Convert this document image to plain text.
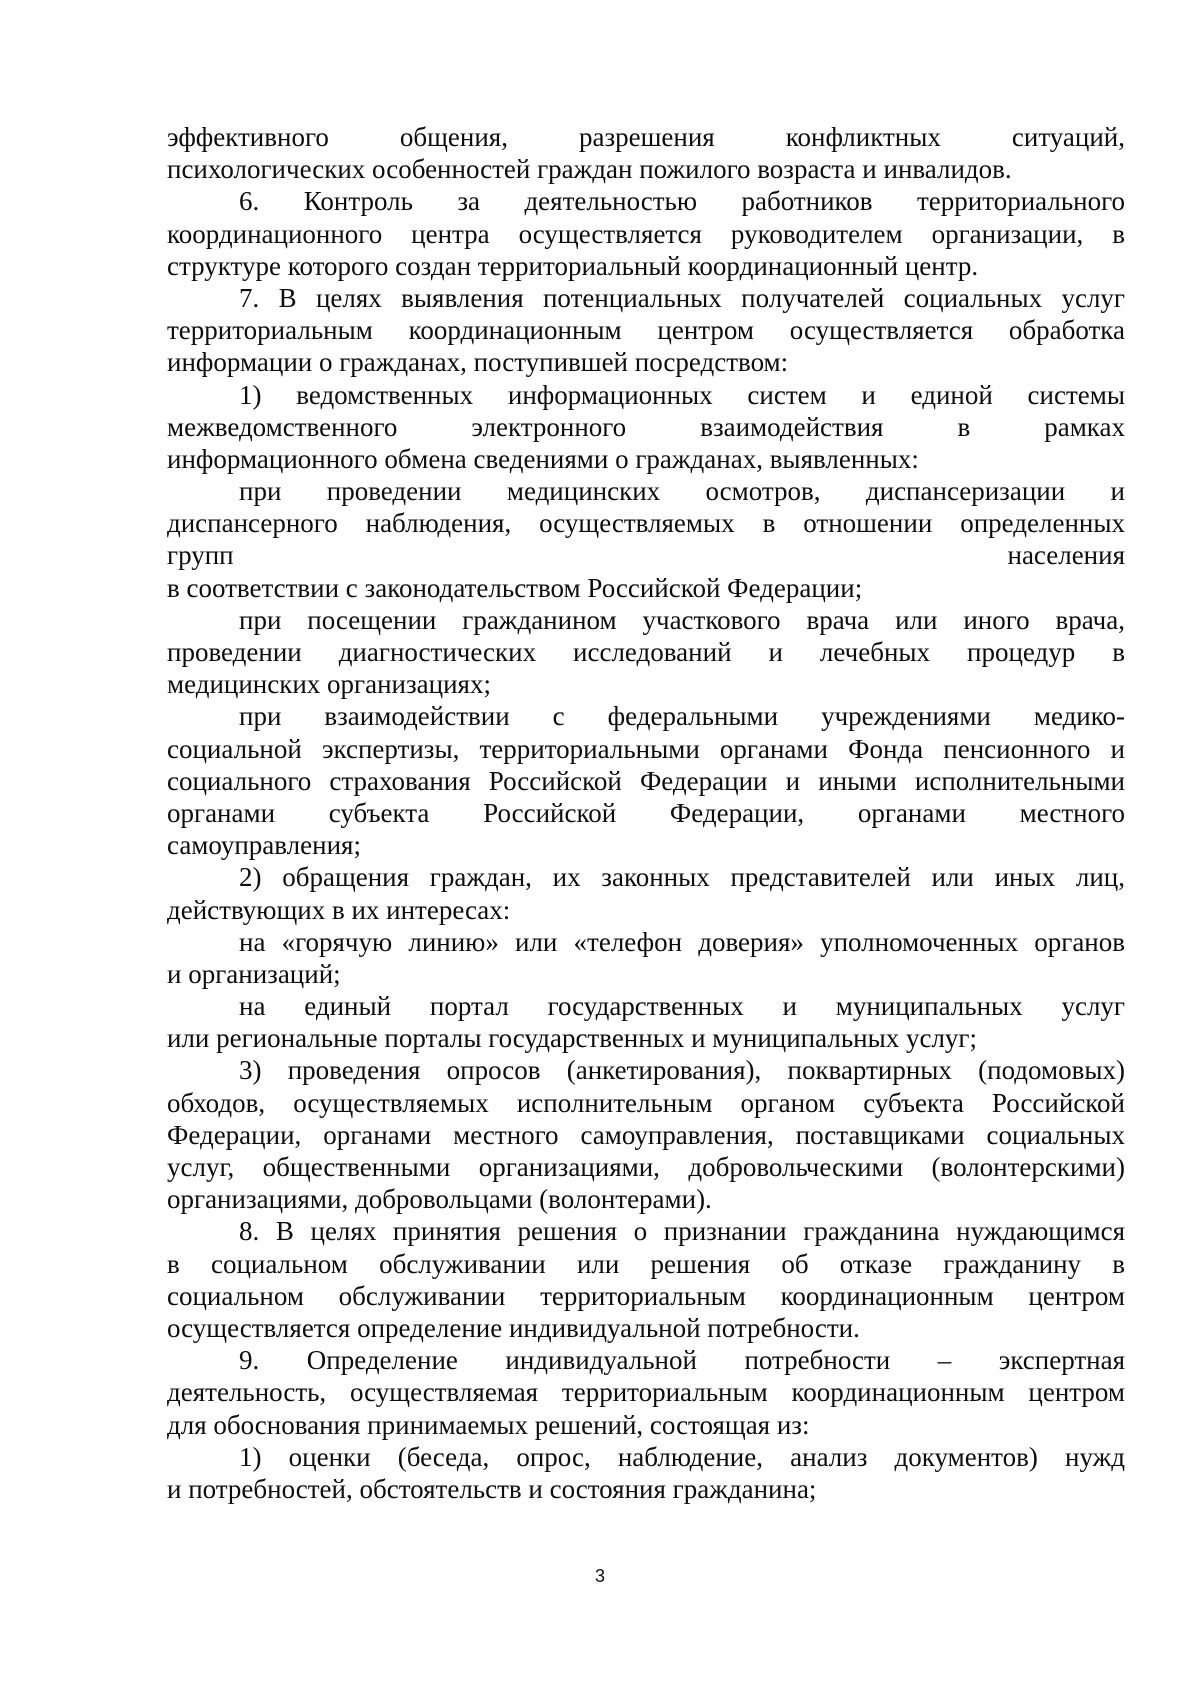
эффективного общения, разрешения конфликтных ситуаций,
психологических особенностей граждан пожилого возраста и инвалидов.
6. Контроль за деятельностью работников территориального
координационного центра осуществляется руководителем организации, в
структуре которого создан территориальный координационный центр.
7. В целях выявления потенциальных получателей социальных услуг
территориальным координационным центром осуществляется обработка
информации о гражданах, поступившей посредством:
1) ведомственных информационных систем и единой системы
межведомственного электронного взаимодействия в рамках
информационного обмена сведениями о гражданах, выявленных:
при проведении медицинских осмотров, диспансеризации и
диспансерного наблюдения, осуществляемых в отношении определенных
групп населения
в соответствии с законодательством Российской Федерации;
при посещении гражданином участкового врача или иного врача,
проведении диагностических исследований и лечебных процедур в
медицинских организациях;
при взаимодействии с федеральными учреждениями медико-
социальной экспертизы, территориальными органами Фонда пенсионного и
социального страхования Российской Федерации и иными исполнительными
органами субъекта Российской Федерации, органами местного
самоуправления;
2) обращения граждан, их законных представителей или иных лиц,
действующих в их интересах:
на «горячую линию» или «телефон доверия» уполномоченных органов
и организаций;
на единый портал государственных и муниципальных услуг
или региональные порталы государственных и муниципальных услуг;
3) проведения опросов (анкетирования), поквартирных (подомовых)
обходов, осуществляемых исполнительным органом субъекта Российской
Федерации, органами местного самоуправления, поставщиками социальных
услуг, общественными организациями, добровольческими (волонтерскими)
организациями, добровольцами (волонтерами).
8. В целях принятия решения о признании гражданина нуждающимся
в социальном обслуживании или решения об отказе гражданину в
социальном обслуживании территориальным координационным центром
осуществляется определение индивидуальной потребности.
9. Определение индивидуальной потребности – экспертная
деятельность, осуществляемая территориальным координационным центром
для обоснования принимаемых решений, состоящая из:
1) оценки (беседа, опрос, наблюдение, анализ документов) нужд
и потребностей, обстоятельств и состояния гражданина;
3
